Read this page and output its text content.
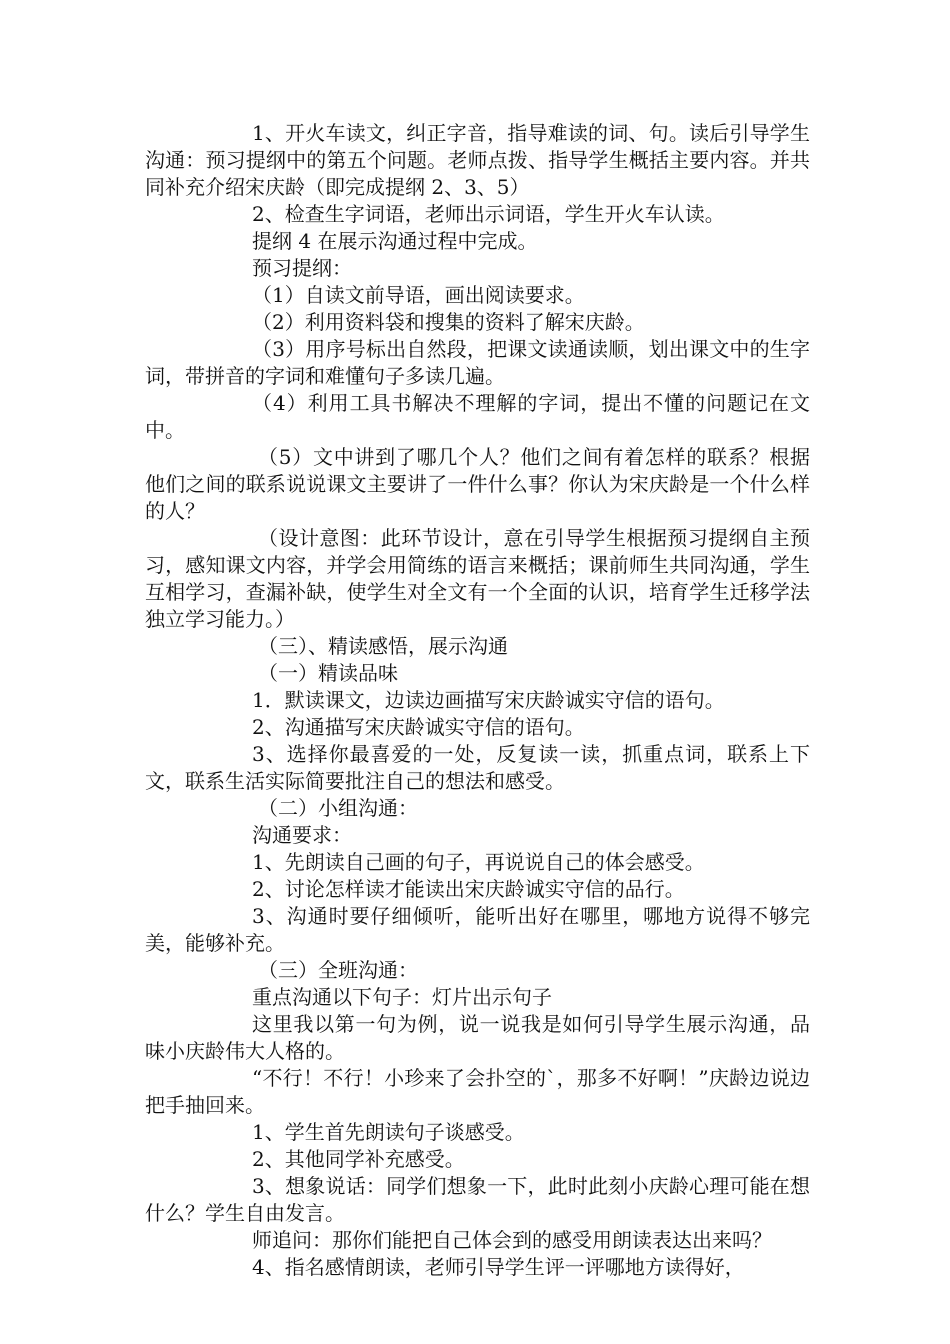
1、开火车读文，纠正字音，指导难读的词、句。读后引导学生沟通：预习提纲中的第五个问题。老师点拨、指导学生概括主要内容。并共同补充介绍宋庆龄（即完成提纲 2、3、5）

2、检查生字词语，老师出示词语，学生开火车认读。

提纲 4 在展示沟通过程中完成。

预习提纲：

（1）自读文前导语，画出阅读要求。

（2）利用资料袋和搜集的资料了解宋庆龄。

（3）用序号标出自然段，把课文读通读顺，划出课文中的生字词，带拼音的字词和难懂句子多读几遍。

（4）利用工具书解决不理解的字词，提出不懂的问题记在文中。

（5）文中讲到了哪几个人？他们之间有着怎样的联系？根据他们之间的联系说说课文主要讲了一件什么事？你认为宋庆龄是一个什么样的人？

（设计意图：此环节设计，意在引导学生根据预习提纲自主预习，感知课文内容，并学会用简练的语言来概括；课前师生共同沟通，学生互相学习，查漏补缺，使学生对全文有一个全面的认识，培育学生迁移学法独立学习能力。）

（三）、精读感悟，展示沟通

（一）精读品味

1．默读课文，边读边画描写宋庆龄诚实守信的语句。

2、沟通描写宋庆龄诚实守信的语句。

3、选择你最喜爱的一处，反复读一读，抓重点词，联系上下文，联系生活实际简要批注自己的想法和感受。

（二）小组沟通：

沟通要求：

1、先朗读自己画的句子，再说说自己的体会感受。

2、讨论怎样读才能读出宋庆龄诚实守信的品行。

3、沟通时要仔细倾听，能听出好在哪里，哪地方说得不够完美，能够补充。

（三）全班沟通：

重点沟通以下句子：灯片出示句子

这里我以第一句为例，说一说我是如何引导学生展示沟通，品味小庆龄伟大人格的。

“不行！不行！小珍来了会扑空的`，那多不好啊！”庆龄边说边把手抽回来。

1、学生首先朗读句子谈感受。

2、其他同学补充感受。

3、想象说话：同学们想象一下，此时此刻小庆龄心理可能在想什么？学生自由发言。

师追问：那你们能把自己体会到的感受用朗读表达出来吗？

4、指名感情朗读，老师引导学生评一评哪地方读得好，
